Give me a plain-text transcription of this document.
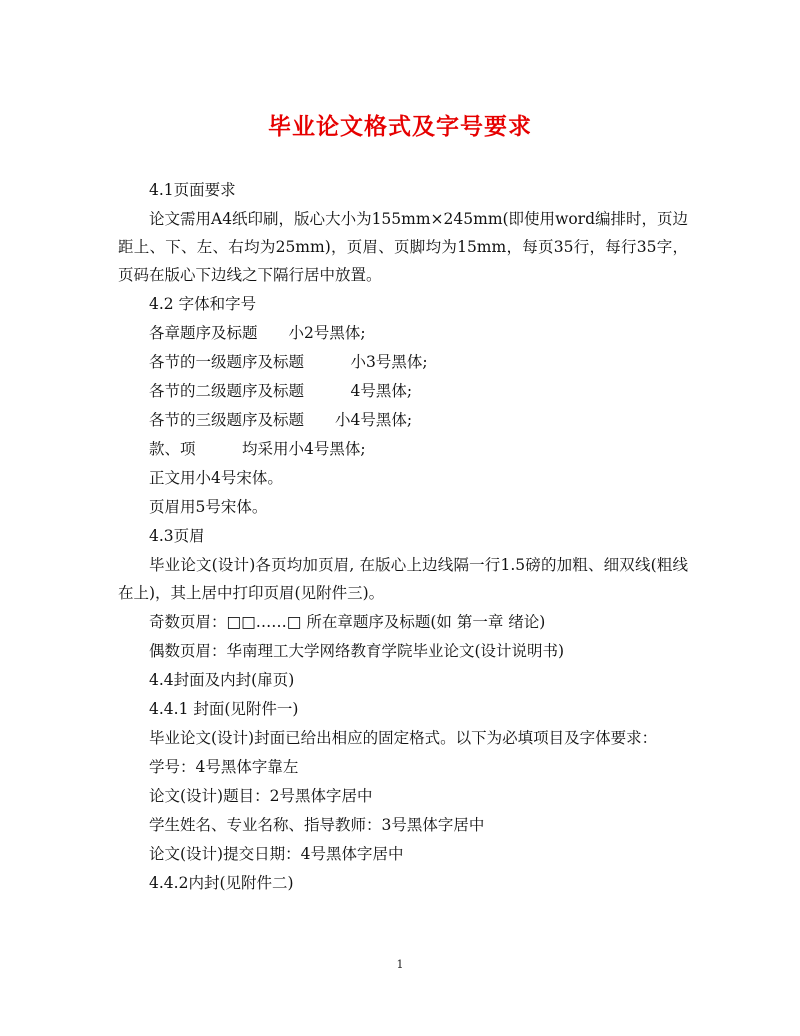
毕业论文格式及字号要求

4.1页面要求

论文需用A4纸印刷，版心大小为155mm×245mm(即使用word编排时，页边距上、下、左、右均为25mm)，页眉、页脚均为15mm，每页35行，每行35字，页码在版心下边线之下隔行居中放置。

4.2 字体和字号

各章题序及标题　　小2号黑体;

各节的一级题序及标题　　　小3号黑体;

各节的二级题序及标题　　　4号黑体;

各节的三级题序及标题　　小4号黑体;

款、项　　　均采用小4号黑体;

正文用小4号宋体。

页眉用5号宋体。

4.3页眉

毕业论文(设计)各页均加页眉, 在版心上边线隔一行1.5磅的加粗、细双线(粗线在上)，其上居中打印页眉(见附件三)。

奇数页眉：□□……□ 所在章题序及标题(如 第一章 绪论)

偶数页眉：华南理工大学网络教育学院毕业论文(设计说明书)

4.4封面及内封(扉页)

4.4.1 封面(见附件一)

毕业论文(设计)封面已给出相应的固定格式。以下为必填项目及字体要求：

学号：4号黑体字靠左

论文(设计)题目：2号黑体字居中

学生姓名、专业名称、指导教师：3号黑体字居中

论文(设计)提交日期：4号黑体字居中

4.4.2内封(见附件二)

1
